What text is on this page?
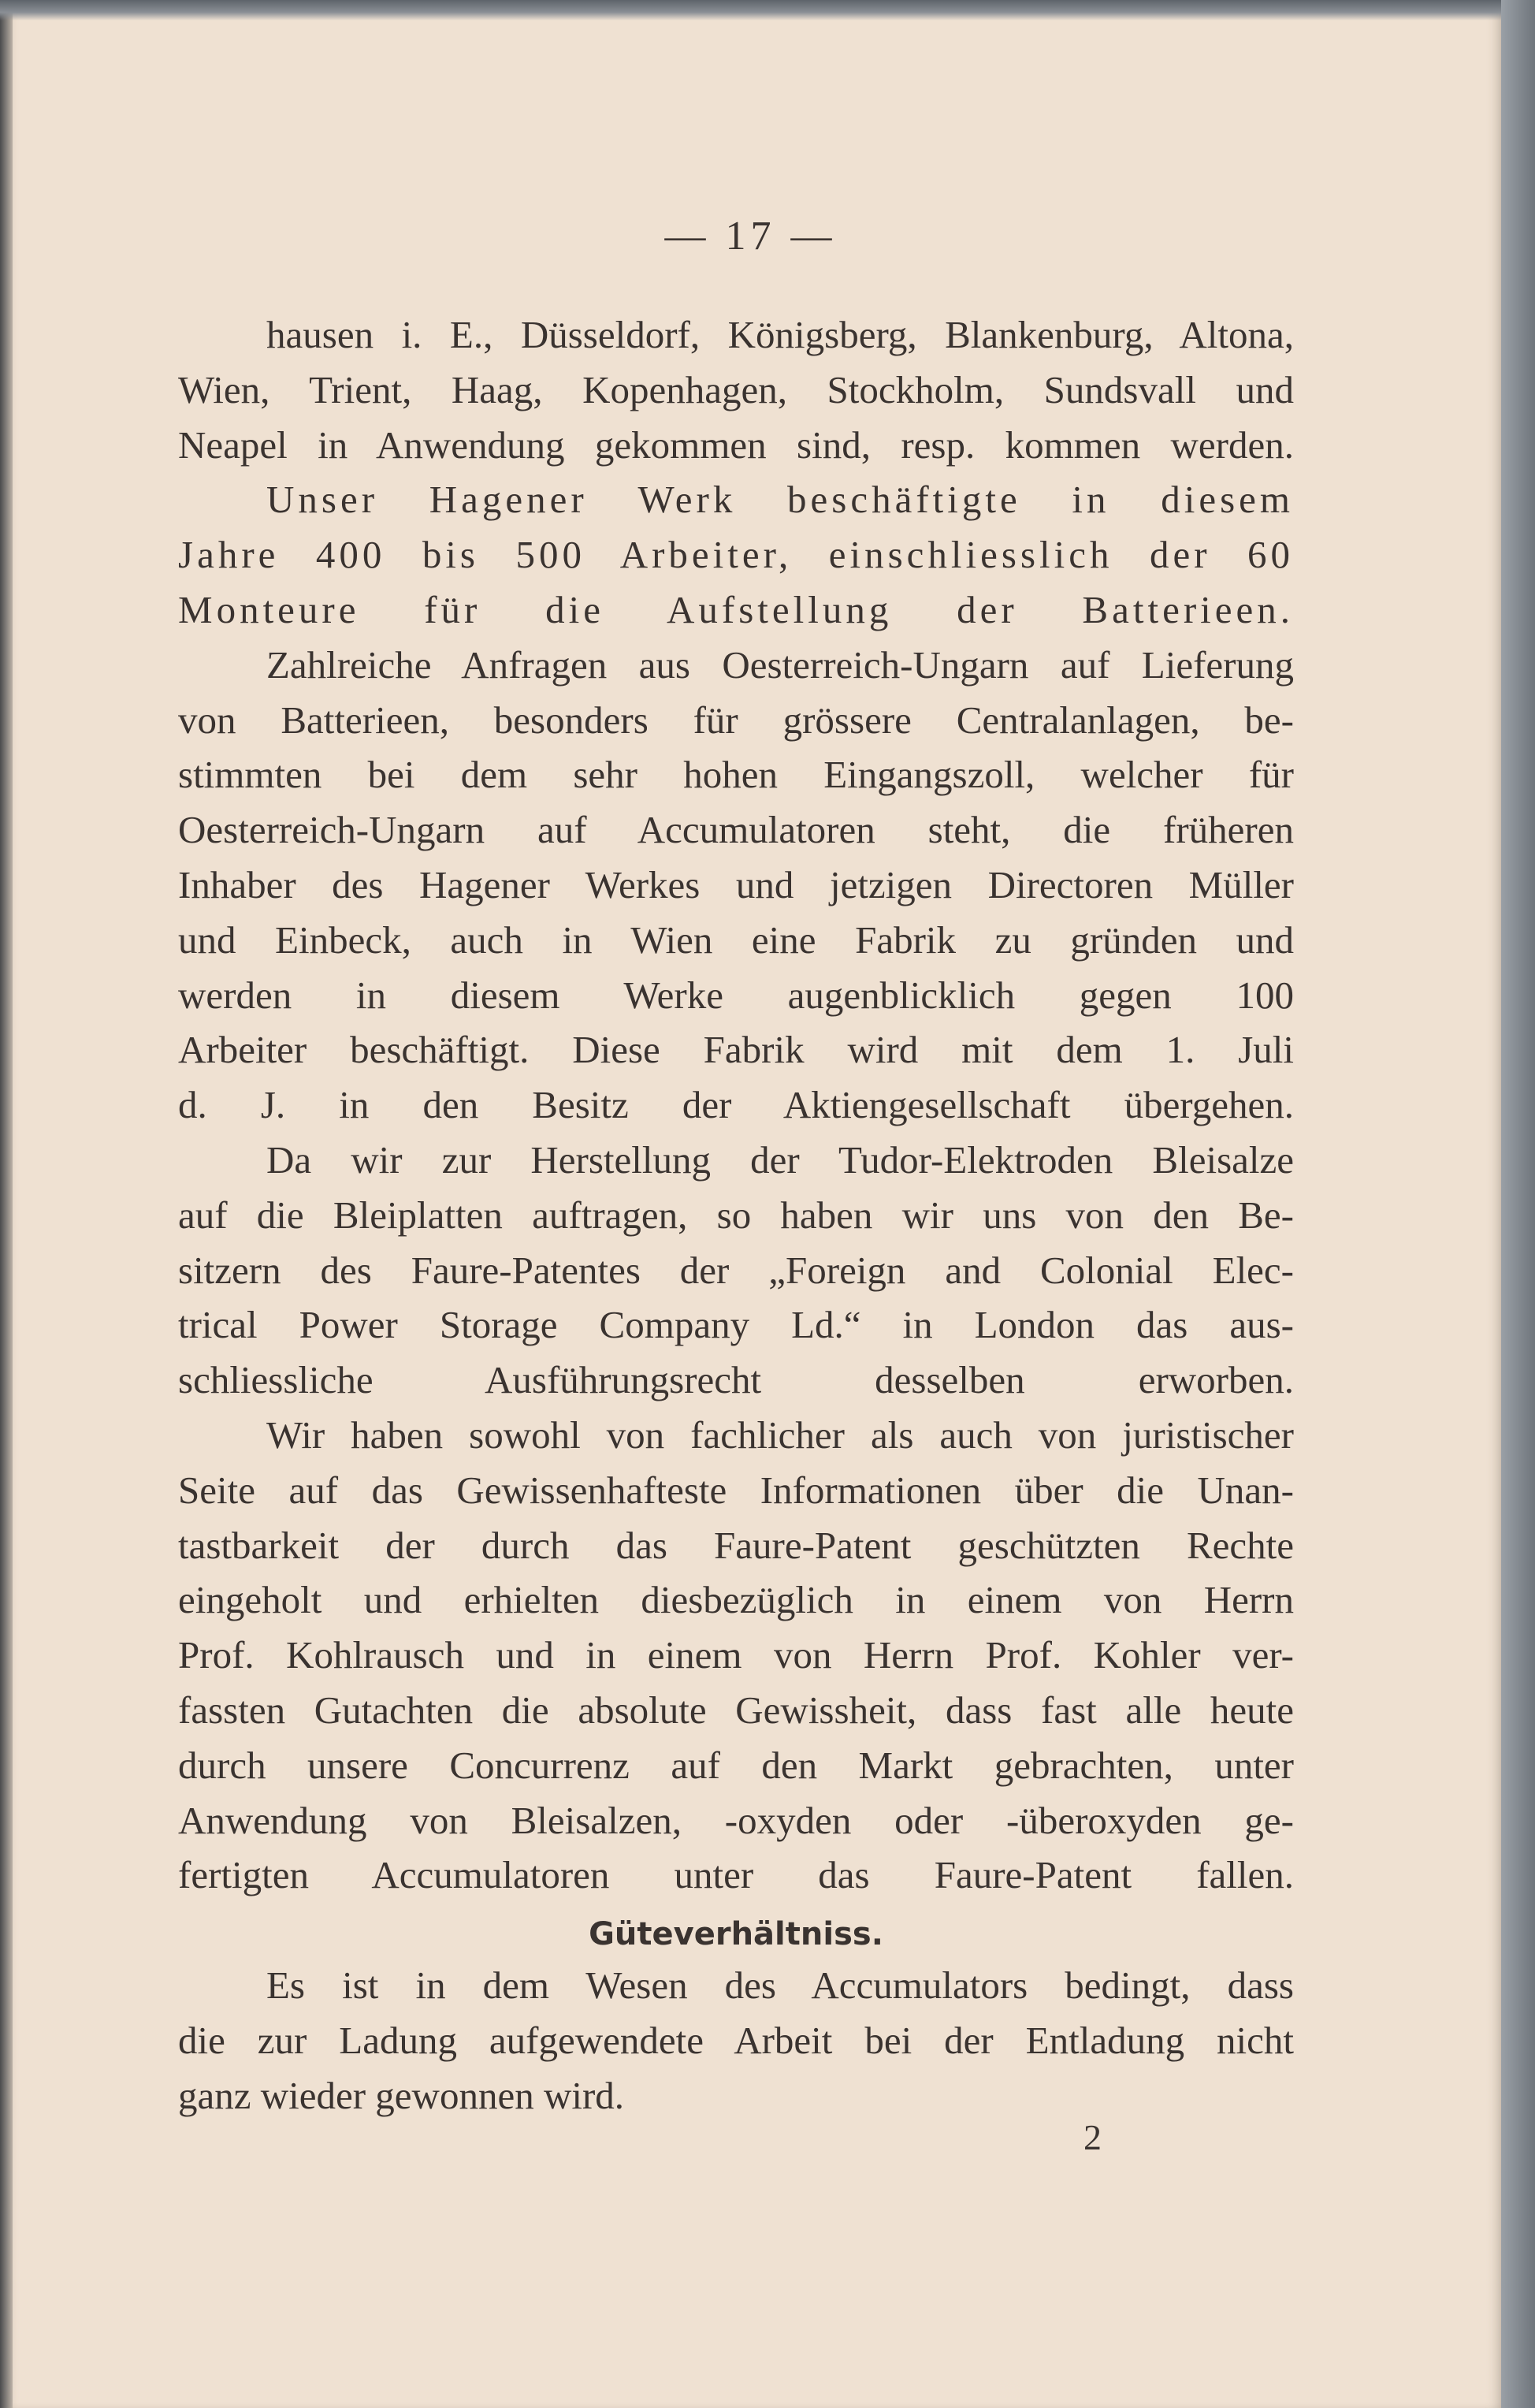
— 17 —
hausen i. E., Düsseldorf, Königsberg, Blankenburg, Altona,
Wien, Trient, Haag, Kopenhagen, Stockholm, Sundsvall und
Neapel in Anwendung gekommen sind, resp. kommen werden.
Unser Hagener Werk beschäftigte in diesem
Jahre 400 bis 500 Arbeiter, einschliesslich der 60
Monteure für die Aufstellung der Batterieen.
Zahlreiche Anfragen aus Oesterreich-Ungarn auf Lieferung
von Batterieen, besonders für grössere Centralanlagen, be-
stimmten bei dem sehr hohen Eingangszoll, welcher für
Oesterreich-Ungarn auf Accumulatoren steht, die früheren
Inhaber des Hagener Werkes und jetzigen Directoren Müller
und Einbeck, auch in Wien eine Fabrik zu gründen und
werden in diesem Werke augenblicklich gegen 100
Arbeiter beschäftigt. Diese Fabrik wird mit dem 1. Juli
d. J. in den Besitz der Aktiengesellschaft übergehen.
Da wir zur Herstellung der Tudor-Elektroden Bleisalze
auf die Bleiplatten auftragen, so haben wir uns von den Be-
sitzern des Faure-Patentes der „Foreign and Colonial Elec-
trical Power Storage Company Ld.“ in London das aus-
schliessliche Ausführungsrecht desselben erworben.
Wir haben sowohl von fachlicher als auch von juristischer
Seite auf das Gewissenhafteste Informationen über die Unan-
tastbarkeit der durch das Faure-Patent geschützten Rechte
eingeholt und erhielten diesbezüglich in einem von Herrn
Prof. Kohlrausch und in einem von Herrn Prof. Kohler ver-
fassten Gutachten die absolute Gewissheit, dass fast alle heute
durch unsere Concurrenz auf den Markt gebrachten, unter
Anwendung von Bleisalzen, -oxyden oder -überoxyden ge-
fertigten Accumulatoren unter das Faure-Patent fallen.
Güteverhältniss.
Es ist in dem Wesen des Accumulators bedingt, dass
die zur Ladung aufgewendete Arbeit bei der Entladung nicht
ganz wieder gewonnen wird.
2
